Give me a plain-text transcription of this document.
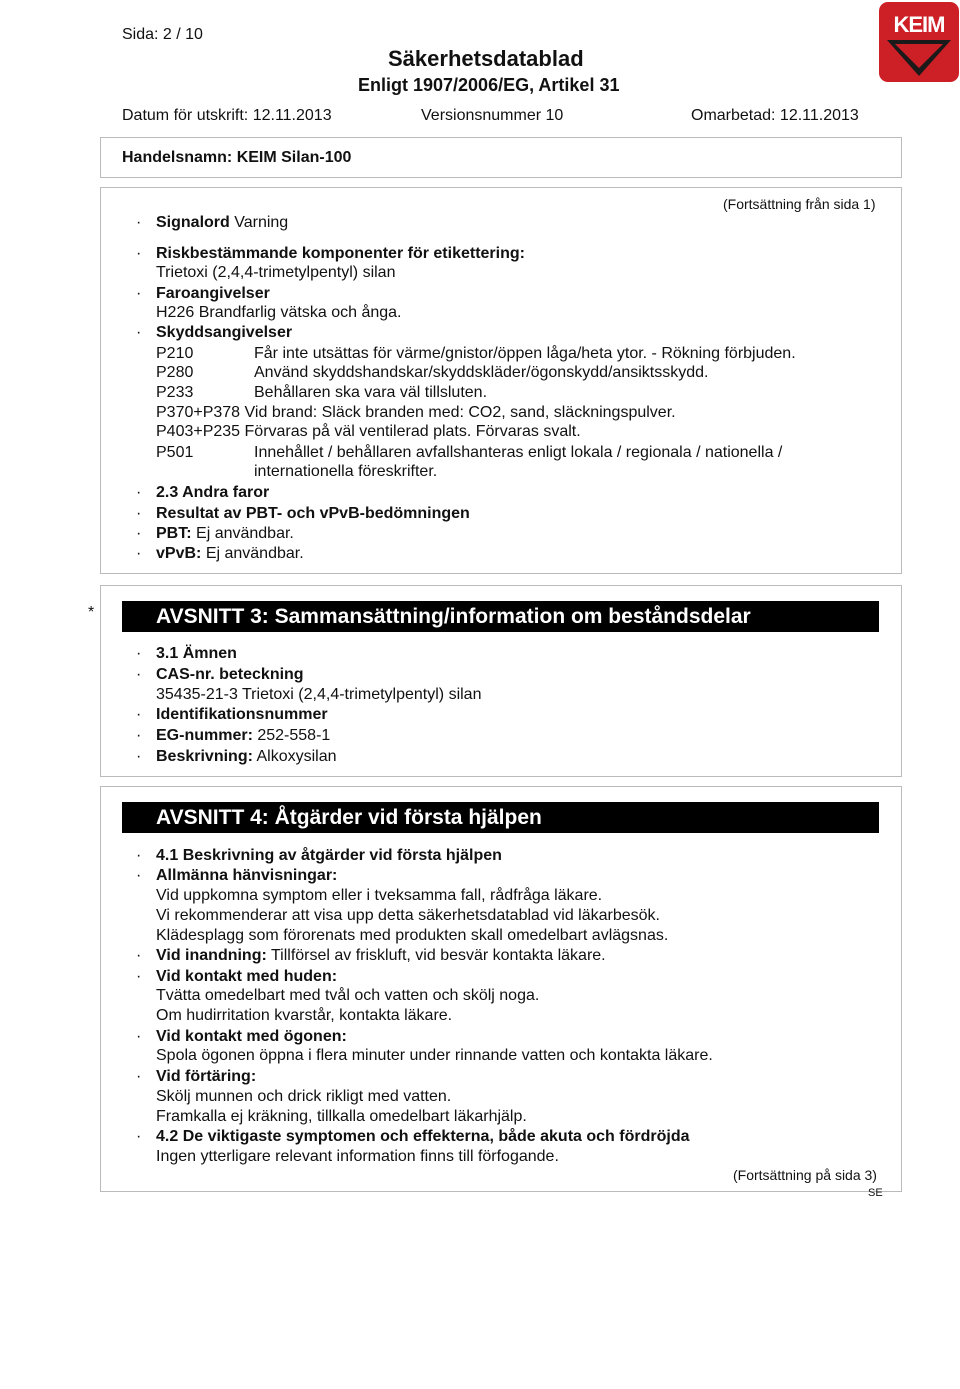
Sida: 2 / 10
Säkerhetsdatablad
Enligt 1907/2006/EG, Artikel 31
Datum för utskrift: 12.11.2013	Versionsnummer 10	Omarbetad: 12.11.2013
KEIM
Handelsnamn: KEIM Silan-100
(Fortsättning från sida 1)
· Signalord Varning
· Riskbestämmande komponenter för etikettering:
Trietoxi (2,4,4-trimetylpentyl) silan
· Faroangivelser
H226 Brandfarlig vätska och ånga.
· Skyddsangivelser
P210	Får inte utsättas för värme/gnistor/öppen låga/heta ytor. - Rökning förbjuden.
P280	Använd skyddshandskar/skyddskläder/ögonskydd/ansiktsskydd.
P233	Behållaren ska vara väl tillsluten.
P370+P378 Vid brand: Släck branden med: CO2, sand, släckningspulver.
P403+P235 Förvaras på väl ventilerad plats. Förvaras svalt.
P501	Innehållet / behållaren avfallshanteras enligt lokala / regionala / nationella /
internationella föreskrifter.
· 2.3 Andra faror
· Resultat av PBT- och vPvB-bedömningen
· PBT: Ej användbar.
· vPvB: Ej användbar.
*	AVSNITT 3: Sammansättning/information om beståndsdelar
· 3.1 Ämnen
· CAS-nr. beteckning
35435-21-3 Trietoxi (2,4,4-trimetylpentyl) silan
· Identifikationsnummer
· EG-nummer: 252-558-1
· Beskrivning: Alkoxysilan
AVSNITT 4: Åtgärder vid första hjälpen
· 4.1 Beskrivning av åtgärder vid första hjälpen
· Allmänna hänvisningar:
Vid uppkomna symptom eller i tveksamma fall, rådfråga läkare.
Vi rekommenderar att visa upp detta säkerhetsdatablad vid läkarbesök.
Klädesplagg som förorenats med produkten skall omedelbart avlägsnas.
· Vid inandning: Tillförsel av friskluft, vid besvär kontakta läkare.
· Vid kontakt med huden:
Tvätta omedelbart med tvål och vatten och skölj noga.
Om hudirritation kvarstår, kontakta läkare.
· Vid kontakt med ögonen:
Spola ögonen öppna i flera minuter under rinnande vatten och kontakta läkare.
· Vid förtäring:
Skölj munnen och drick rikligt med vatten.
Framkalla ej kräkning, tillkalla omedelbart läkarhjälp.
· 4.2 De viktigaste symptomen och effekterna, både akuta och fördröjda
Ingen ytterligare relevant information finns till förfogande.
(Fortsättning på sida 3)
SE
